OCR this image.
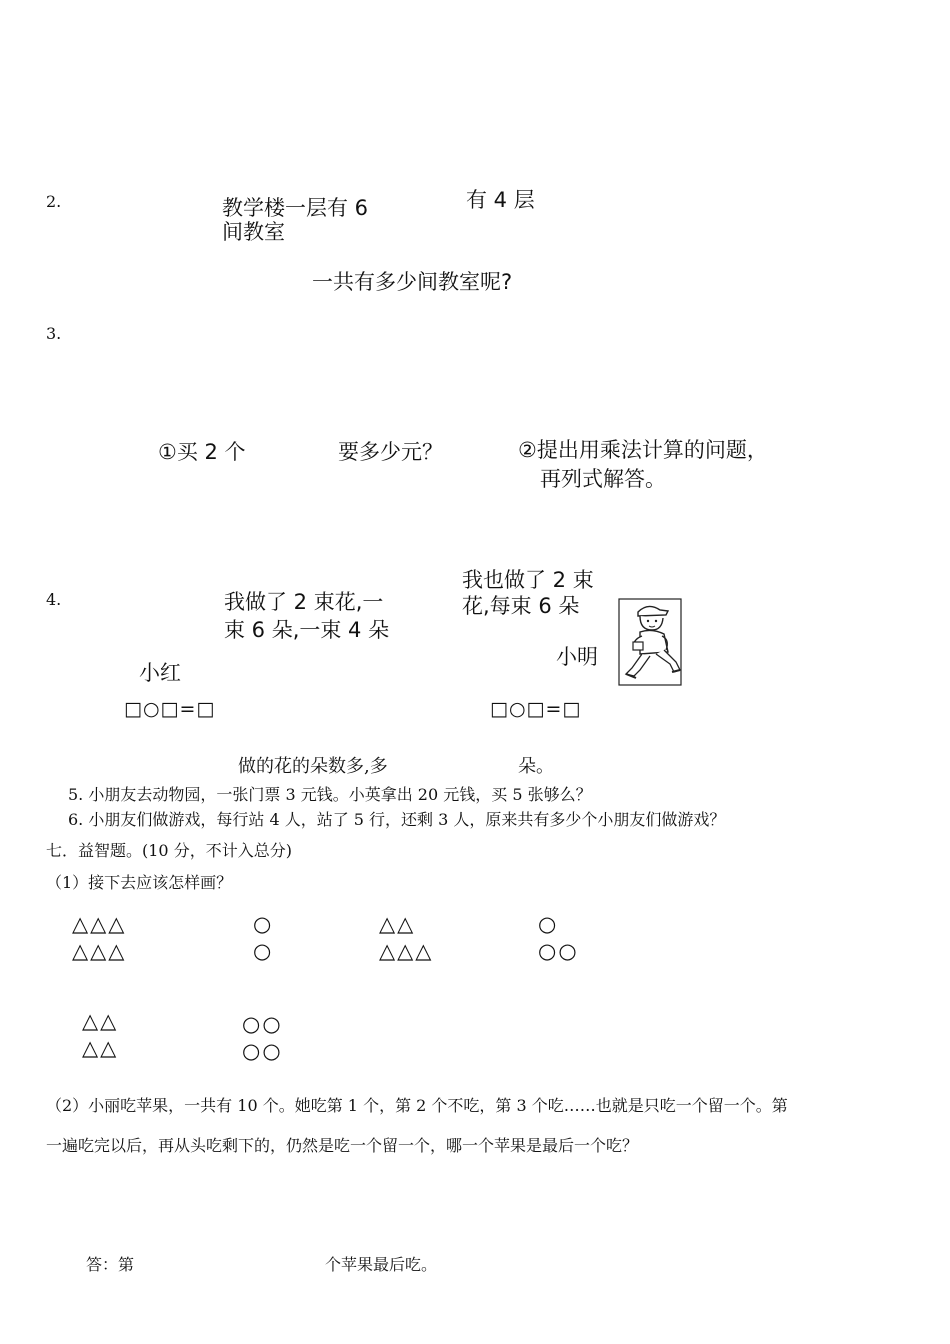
2.	教学楼一层有 6
间教室
有 4 层
一共有多少间教室呢?
3.
①买 2 个	要多少元？	②提出用乘法计算的问题，
再列式解答。
4.	我做了 2 束花,一
束 6 朵,一束 4 朵
小红
我也做了 2 束
花,每束 6 朵
小明
□○□=□	□○□=□
做的花的朵数多,多	朵。
5. 小朋友去动物园，一张门票 3 元钱。小英拿出 20 元钱，买 5 张够么？
6. 小朋友们做游戏，每行站 4 人，站了 5 行，还剩 3 人，原来共有多少个小朋友们做游戏？
七．益智题。(10 分，不计入总分)
（1）接下去应该怎样画？
△△△
△△△
○
○
△△
△△△
○
○○
△△
△△
○○
○○
（2）小丽吃苹果，一共有 10 个。她吃第 1 个，第 2 个不吃，第 3 个吃……也就是只吃一个留一个。第
一遍吃完以后，再从头吃剩下的，仍然是吃一个留一个，哪一个苹果是最后一个吃？
答：第	个苹果最后吃。
